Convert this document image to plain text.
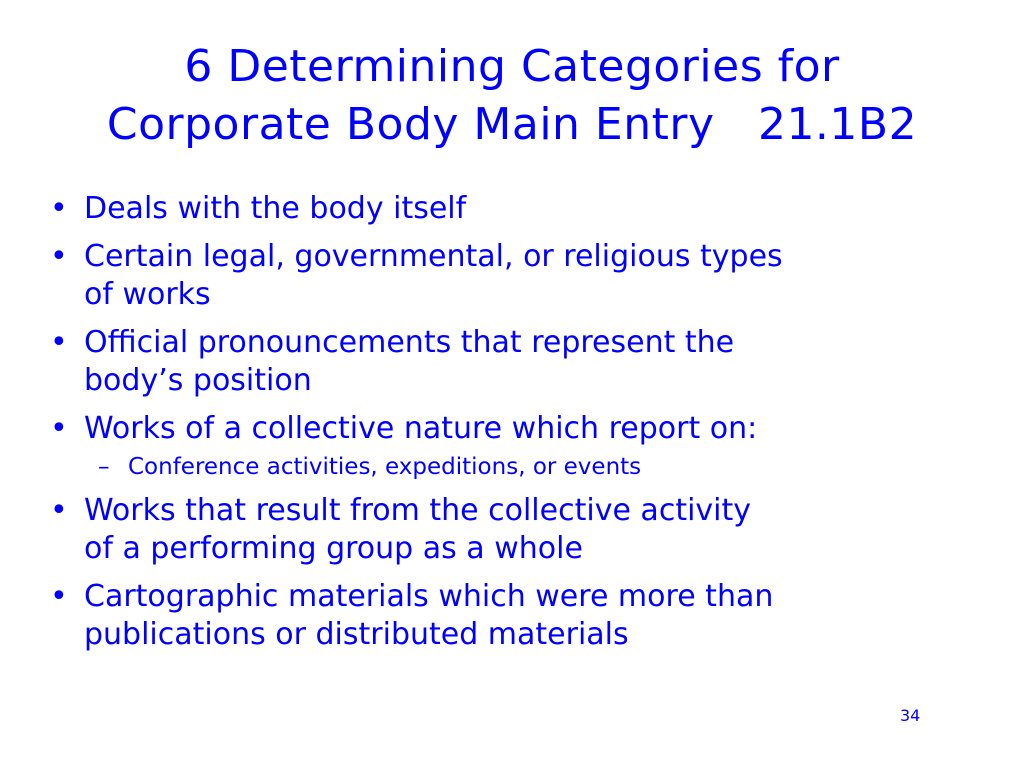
6 Determining Categories for
Corporate Body Main Entry   21.1B2
• Deals with the body itself
• Certain legal, governmental, or religious types
of works
• Official pronouncements that represent the
body’s position
• Works of a collective nature which report on:
– Conference activities, expeditions, or events
• Works that result from the collective activity
of a performing group as a whole
• Cartographic materials which were more than
publications or distributed materials
34
